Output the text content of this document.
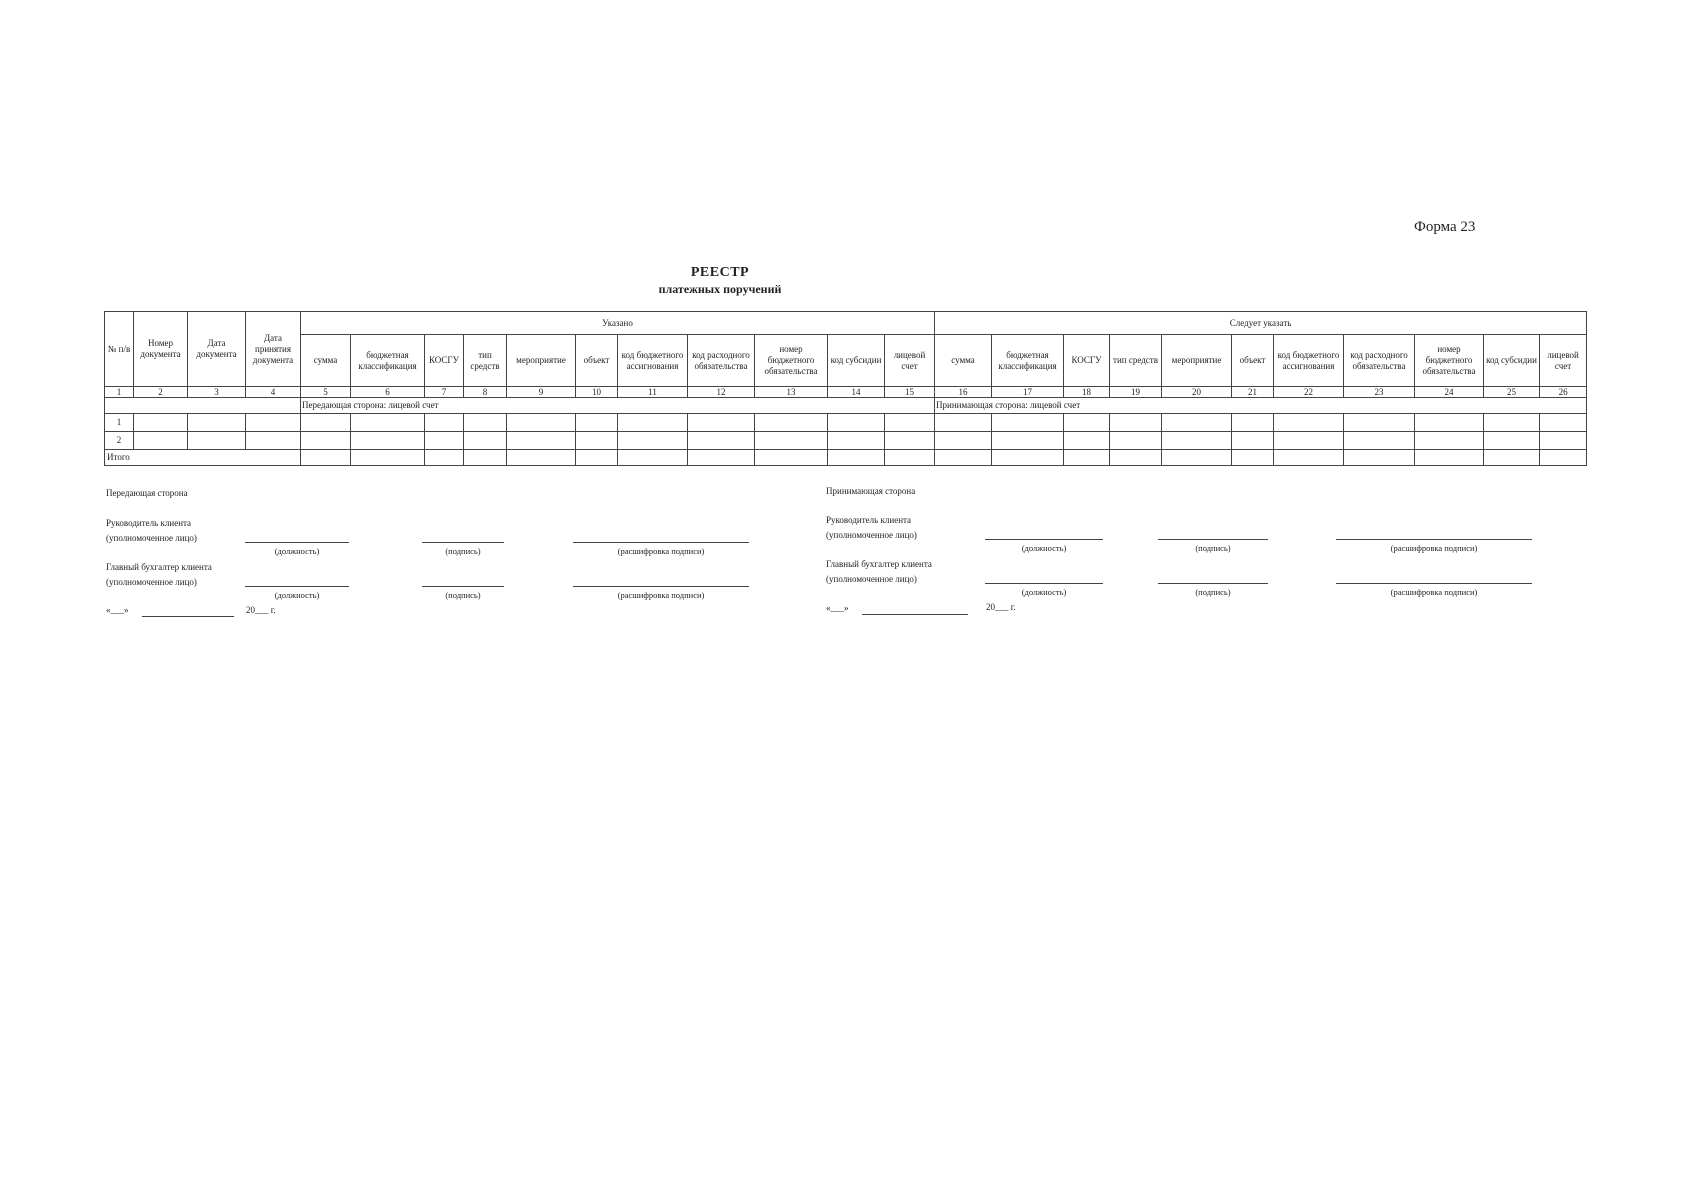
Форма 23
РЕЕСТР
платежных поручений
№ п/в	Номер документа	Дата документа	Дата принятия документа	Указано											Следует указать										
				сумма	бюджетная классификация	КОСГУ	тип средств	мероприятие	объект	код бюджетного ассигнования	код расходного обязательства	номер бюджетного обязательства	код субсидии	лицевой счет	сумма	бюджетная классификация	КОСГУ	тип средств	мероприятие	объект	код бюджетного ассигнования	код расходного обязательства	номер бюджетного обязательства	код субсидии	лицевой счет
1	2	3	4	5	6	7	8	9	10	11	12	13	14	15	16	17	18	19	20	21	22	23	24	25	26
				Передающая сторона: лицевой счет											Принимающая сторона: лицевой счет										
1																									
2																									
Итого																									
Передающая сторона
Руководитель клиента
(уполномоченное лицо)
(должность)	(подпись)	(расшифровка подписи)
Главный бухгалтер клиента
(уполномоченное лицо)
(должность)	(подпись)	(расшифровка подписи)
«___»	20___ г.
Принимающая сторона
Руководитель клиента
(уполномоченное лицо)
(должность)	(подпись)	(расшифровка подписи)
Главный бухгалтер клиента
(уполномоченное лицо)
(должность)	(подпись)	(расшифровка подписи)
«___»	20___ г.
